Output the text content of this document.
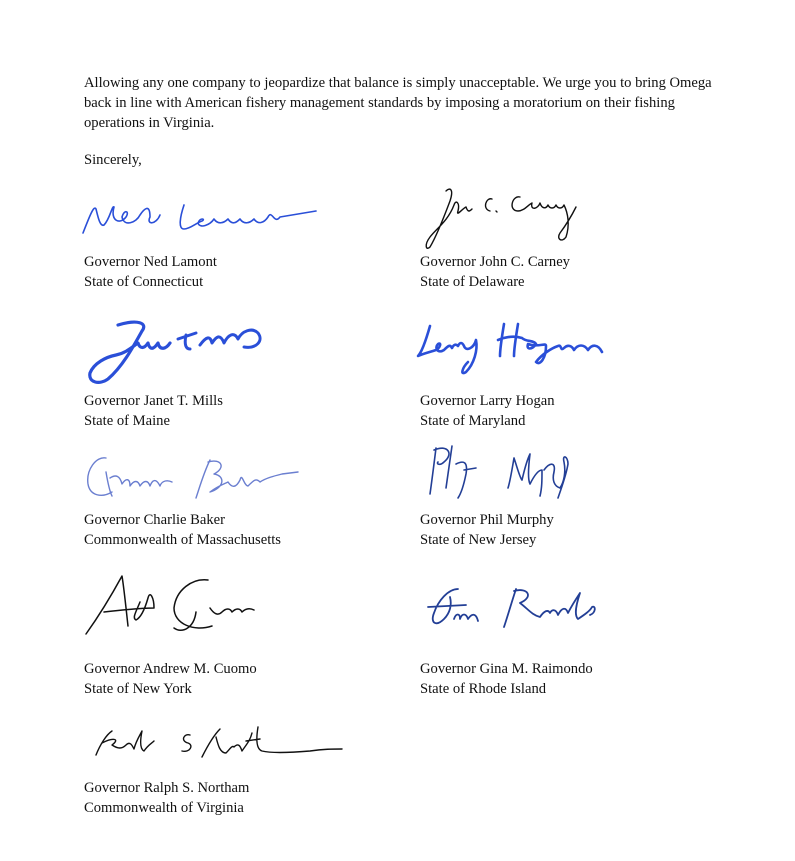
Allowing any one company to jeopardize that balance is simply unacceptable. We urge you to bring Omega back in line with American fishery management standards by imposing a moratorium on their fishing operations in Virginia.

Sincerely,
Governor Ned Lamont
State of Connecticut
Governor John C. Carney
State of Delaware
Governor Janet T. Mills
State of Maine
Governor Larry Hogan
State of Maryland
Governor Charlie Baker
Commonwealth of Massachusetts
Governor Phil Murphy
State of New Jersey
Governor Andrew M. Cuomo
State of New York
Governor Gina M. Raimondo
State of Rhode Island
Governor Ralph S. Northam
Commonwealth of Virginia
